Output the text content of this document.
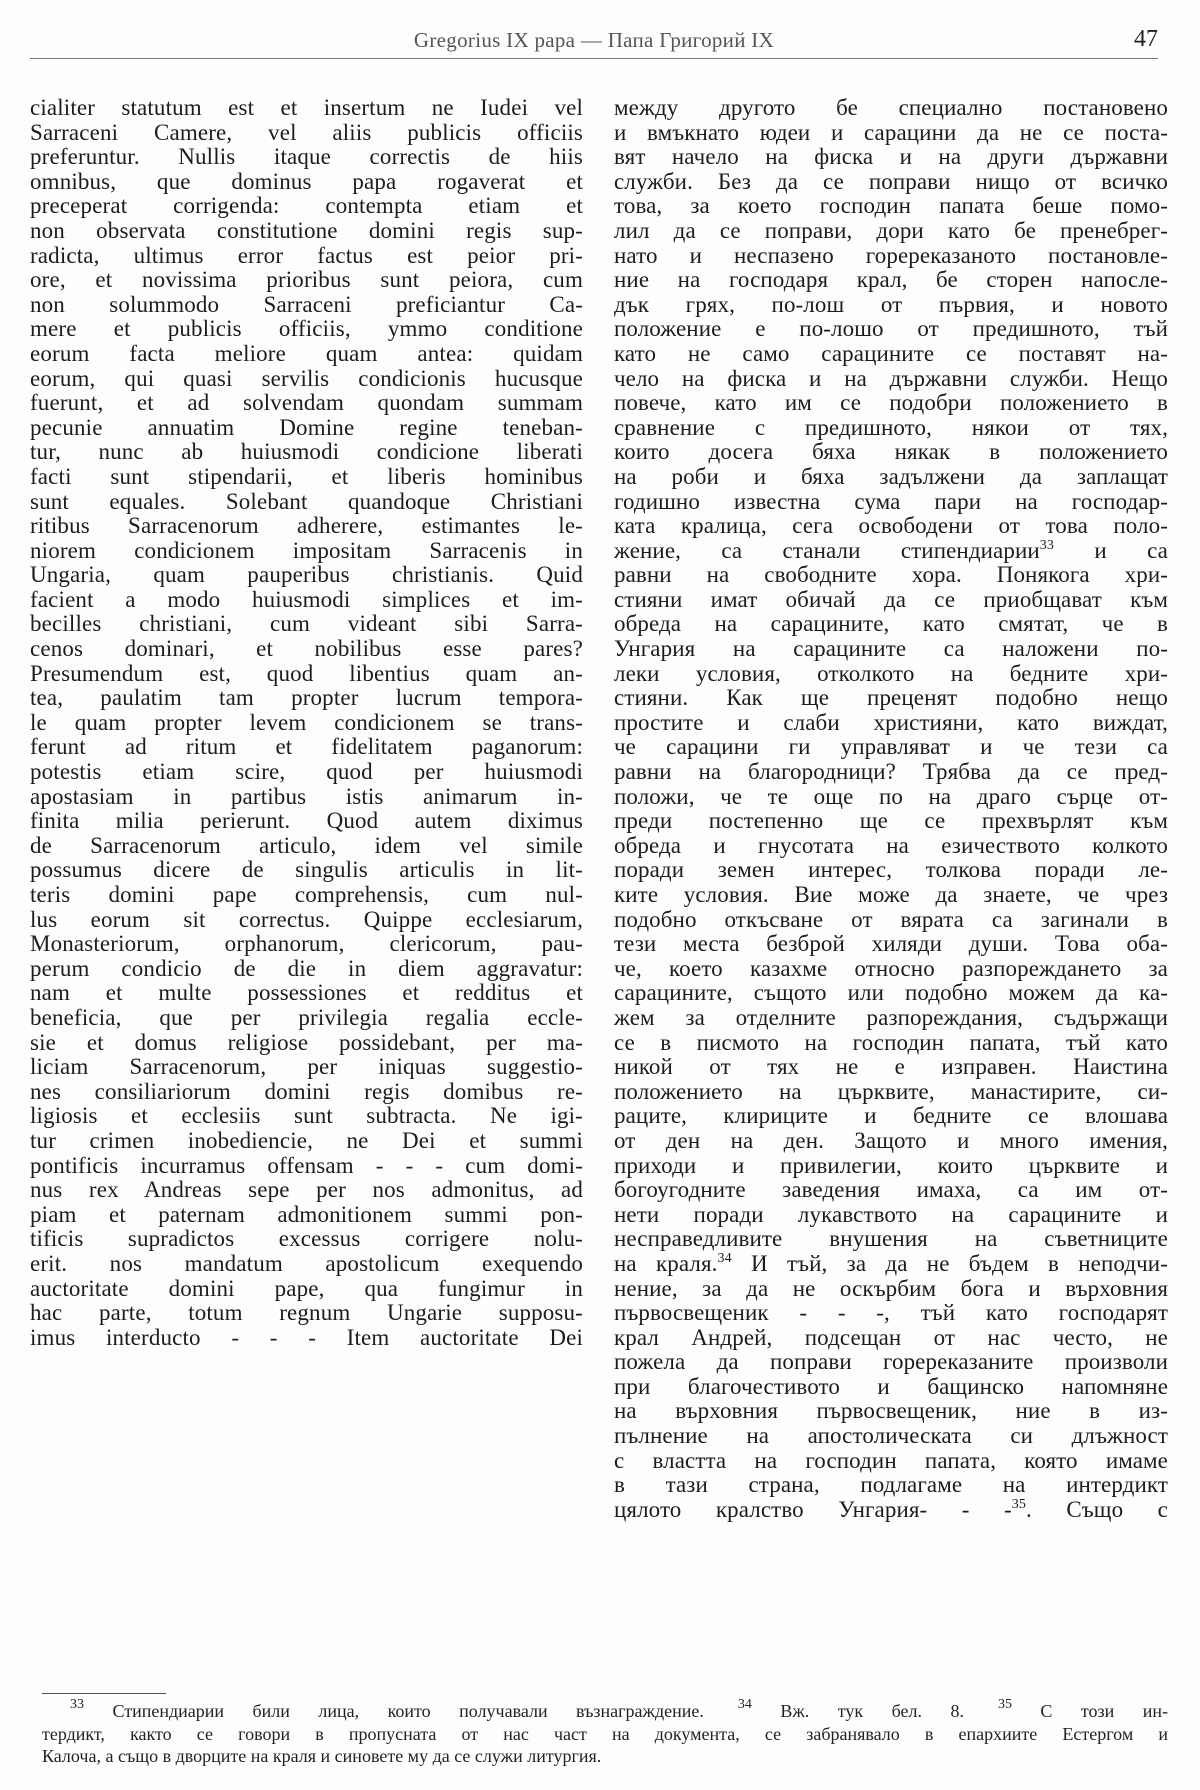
Gregorius IX papa — Папа Григорий IX	47
cialiter statutum est et insertum ne Iudei vel
Sarraceni Camere, vel aliis publicis officiis
preferuntur. Nullis itaque correctis de hiis
omnibus, que dominus papa rogaverat et
preceperat corrigenda: contempta etiam et
non observata constitutione domini regis sup-
radicta, ultimus error factus est peior pri-
ore, et novissima prioribus sunt peiora, cum
non solummodo Sarraceni preficiantur Ca-
mere et publicis officiis, ymmo conditione
eorum facta meliore quam antea: quidam
eorum, qui quasi servilis condicionis hucusque
fuerunt, et ad solvendam quondam summam
pecunie annuatim Domine regine teneban-
tur, nunc ab huiusmodi condicione liberati
facti sunt stipendarii, et liberis hominibus
sunt equales. Solebant quandoque Christiani
ritibus Sarracenorum adherere, estimantes le-
niorem condicionem impositam Sarracenis in
Ungaria, quam pauperibus christianis. Quid
facient a modo huiusmodi simplices et im-
becilles christiani, cum videant sibi Sarra-
cenos dominari, et nobilibus esse pares?
Presumendum est, quod libentius quam an-
tea, paulatim tam propter lucrum tempora-
le quam propter levem condicionem se trans-
ferunt ad ritum et fidelitatem paganorum:
potestis etiam scire, quod per huiusmodi
apostasiam in partibus istis animarum in-
finita milia perierunt. Quod autem diximus
de Sarracenorum articulo, idem vel simile
possumus dicere de singulis articulis in lit-
teris domini pape comprehensis, cum nul-
lus eorum sit correctus. Quippe ecclesiarum,
Monasteriorum, orphanorum, clericorum, pau-
perum condicio de die in diem aggravatur:
nam et multe possessiones et redditus et
beneficia, que per privilegia regalia eccle-
sie et domus religiose possidebant, per ma-
liciam Sarracenorum, per iniquas suggestio-
nes consiliariorum domini regis domibus re-
ligiosis et ecclesiis sunt subtracta. Ne igi-
tur crimen inobediencie, ne Dei et summi
pontificis incurramus offensam - - - cum domi-
nus rex Andreas sepe per nos admonitus, ad
piam et paternam admonitionem summi pon-
tificis supradictos excessus corrigere nolu-
erit. nos mandatum apostolicum exequendo
auctoritate domini pape, qua fungimur in
hac parte, totum regnum Ungarie supposu-
imus interducto - - - Item auctoritate Dei
между другото бе специално постановено
и вмъкнато юдеи и сарацини да не се поста-
вят начело на фиска и на други държавни
служби. Без да се поправи нищо от всичко
това, за което господин папата беше помо-
лил да се поправи, дори като бе пренебрег-
нато и неспазено горереказаното постановле-
ние на господаря крал, бе сторен напосле-
дък грях, по-лош от първия, и новото
положение е по-лошо от предишното, тъй
като не само сарацините се поставят на-
чело на фиска и на държавни служби. Нещо
повече, като им се подобри положението в
сравнение с предишното, някои от тях,
които досега бяха някак в положението
на роби и бяха задължени да заплащат
годишно известна сума пари на господар-
ката кралица, сега освободени от това поло-
жение, са станали стипендиарии$^{33}$ и са
равни на свободните хора. Понякога хри-
стияни имат обичай да се приобщават към
обреда на сарацините, като смятат, че в
Унгария на сарацините са наложени по-
леки условия, отколкото на бедните хри-
стияни. Как ще преценят подобно нещо
простите и слаби християни, като виждат,
че сарацини ги управляват и че тези са
равни на благородници? Трябва да се пред-
положи, че те още по на драго сърце от-
преди постепенно ще се прехвърлят към
обреда и гнусотата на езичеството колкото
поради земен интерес, толкова поради ле-
ките условия. Вие може да знаете, че чрез
подобно откъсване от вярата са загинали в
тези места безброй хиляди души. Това оба-
че, което казахме относно разпореждането за
сарацините, същото или подобно можем да ка-
жем за отделните разпореждания, съдържащи
се в писмото на господин папата, тъй като
никой от тях не е изправен. Наистина
положението на църквите, манастирите, си-
раците, клириците и бедните се влошава
от ден на ден. Защото и много имения,
приходи и привилегии, които църквите и
богоугодните заведения имаха, са им от-
нети поради лукавството на сарацините и
несправедливите внушения на съветниците
на краля.$^{34}$ И тъй, за да не бъдем в неподчи-
нение, за да не оскърбим бога и върховния
първосвещеник - - -, тъй като господарят
крал Андрей, подсещан от нас често, не
пожела да поправи горереказаните произволи
при благочестивото и бащинско напомняне
на върховния първосвещеник, ние в из-
пълнение на апостолическата си длъжност
с властта на господин папата, която имаме
в тази страна, подлагаме на интердикт
цялото кралство Унгария- - -$^{35}$. Също с
$^{33}$ Стипендиарии били лица, които получавали възнаграждение. $^{34}$ Вж. тук бел. 8. $^{35}$ С този ин-
тердикт, както се говори в пропусната от нас част на документа, се забранявало в епархиите Естергом и
Калоча, а също в дворците на краля и синовете му да се служи литургия.
